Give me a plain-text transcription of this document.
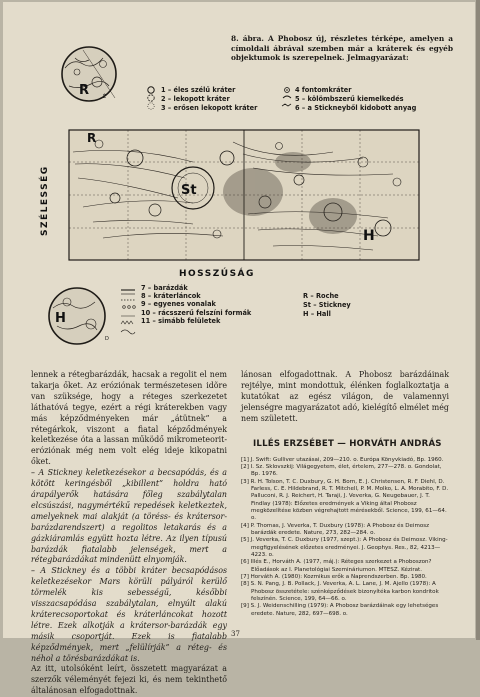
R	É
R
St
H
SZÉLESSÉG
HOSSZÚSÁG
H
D
8. ábra. A Phobosz új, részletes térképe, amelyen a címoldali ábrával szemben már a kráterek és egyéb objektumok is szerepelnek. Jelmagyarázat:
1 – éles szélű kráter
2 – lekopott kráter
3 – erősen lekopott kráter
4 fontomkráter
5 – kölömbszerű kiemelkedés
6 – a Stickneyből kidobott anyag
7 – barázdák
8 – kráterláncok
9 – egyenes vonalak
10 – rácsszerű felszíni formák
11 – simább felületek
R – Roche
St – Stickney
H – Hall

lennek a rétegbarázdák, hacsak a regolit el nem takarja őket. Az eróziónak természetesen idõre van szüksége, hogy a réteges szerkezetet láthatóvá tegye, ezért a régi kráterekben vagy más képződményeken már „átütnek” a rétegárkok, viszont a fiatal képződmények keletkezése óta a lassan működő mikrometeorit-eróziónak még nem volt elég ideje kikopatni őket.

– A Stickney keletkezésekor a becsapódás, és a kötött keringésből „kibillent” holdra ható árapályerők hatására főleg szabálytalan elcsúszási, nagymértékű repedések keletkeztek, amelyeknek mai alakját (a töréss- és krátersor-barázdarendszert) a regolitos letakarás és a gázkiáramlás együtt hozta létre. Az ilyen típusú barázdák fiatalabb jelenségek, mert a rétegbarázdákat mindenütt elnyomják.

– A Stickney és a többi kráter becsapódásos keletkezésekor Mars körüli pályáról kerülő törmelék kis sebességű, későbbi visszacsapódása szabálytalan, elnyúlt alakú kráterecsoportokat és kráterláncokat hozott létre. Ezek alkotják a krátersor-barázdák egy másik csoportját. Ezek is fiatalabb képződmények, mert „felülírják” a réteg- és néhol a törésbarázdákat is.

Az itt, utolsóként leírt, összetett magyarázat a szerzők véleményét fejezi ki, és nem tekinthető általánosan elfogadottnak.

lánosan elfogadottnak. A Phobosz barázdáinak rejtélye, mint mondottuk, élénken foglalkoztatja a kutatókat az egész világon, de valamennyi jelenségre magyarázatot adó, kielégítő elmélet még nem született.

ILLÉS ERZSÉBET — HORVÁTH ANDRÁS
[1] J. Swift: Gulliver utazásai, 209—210. o. Európa Könyvkiadó, Bp. 1960.
[2] I. Sz. Sklovszkij: Világegyetem, élet, értelem, 277—278. o. Gondolat, Bp. 1976.
[3] R. H. Tolson, T. C. Duxbury, G. H. Born, E. J. Christensen, R. F. Diehl, D. Farless, C. E. Hildebrand, R. T. Mitchell, P. M. Molko, L. A. Morabito, F. D. Palluconi, R. J. Reichert, H. Taraji, J. Veverka, G. Neugebauer, J. T. Findlay (1978): Előzetes eredmények a Viking által Phobosz megközelítése közben végrehajtott mérésekből. Science, 199, 61—64. o.
[4] P. Thomas, J. Veverka, T. Duxbury (1978): A Phobosz és Deimosz barázdák eredete. Nature, 273, 282—284. o.
[5] J. Veverka, T. C. Duxbury (1977, szept.): A Phobosz és Deimosz. Viking-megfigyelésének előzetes eredményei. J. Geophys. Res., 82, 4213—4223. o.
[6] Illés E., Horváth A. (1977, máj.): Réteges szerkezet a Phoboszon? Előadások az I. Planetológiai Szemináriumon. MTESZ. Kézirat.
[7] Horváth A. (1980): Kozmikus erők a Naprendszerben. Bp. 1980.
[8] S. N. Pang, J. B. Pollack, J. Veverka, A. L. Lane, J. M. Ajello (1978): A Phobosz összetétele: szénképződések bizonyítéka karbon kondritok felszínén. Science, 199, 64—66. o.
[9] S. J. Weidenschilling (1979): A Phobosz barázdáinak egy lehetséges eredete. Nature, 282, 697—698. o.
37
